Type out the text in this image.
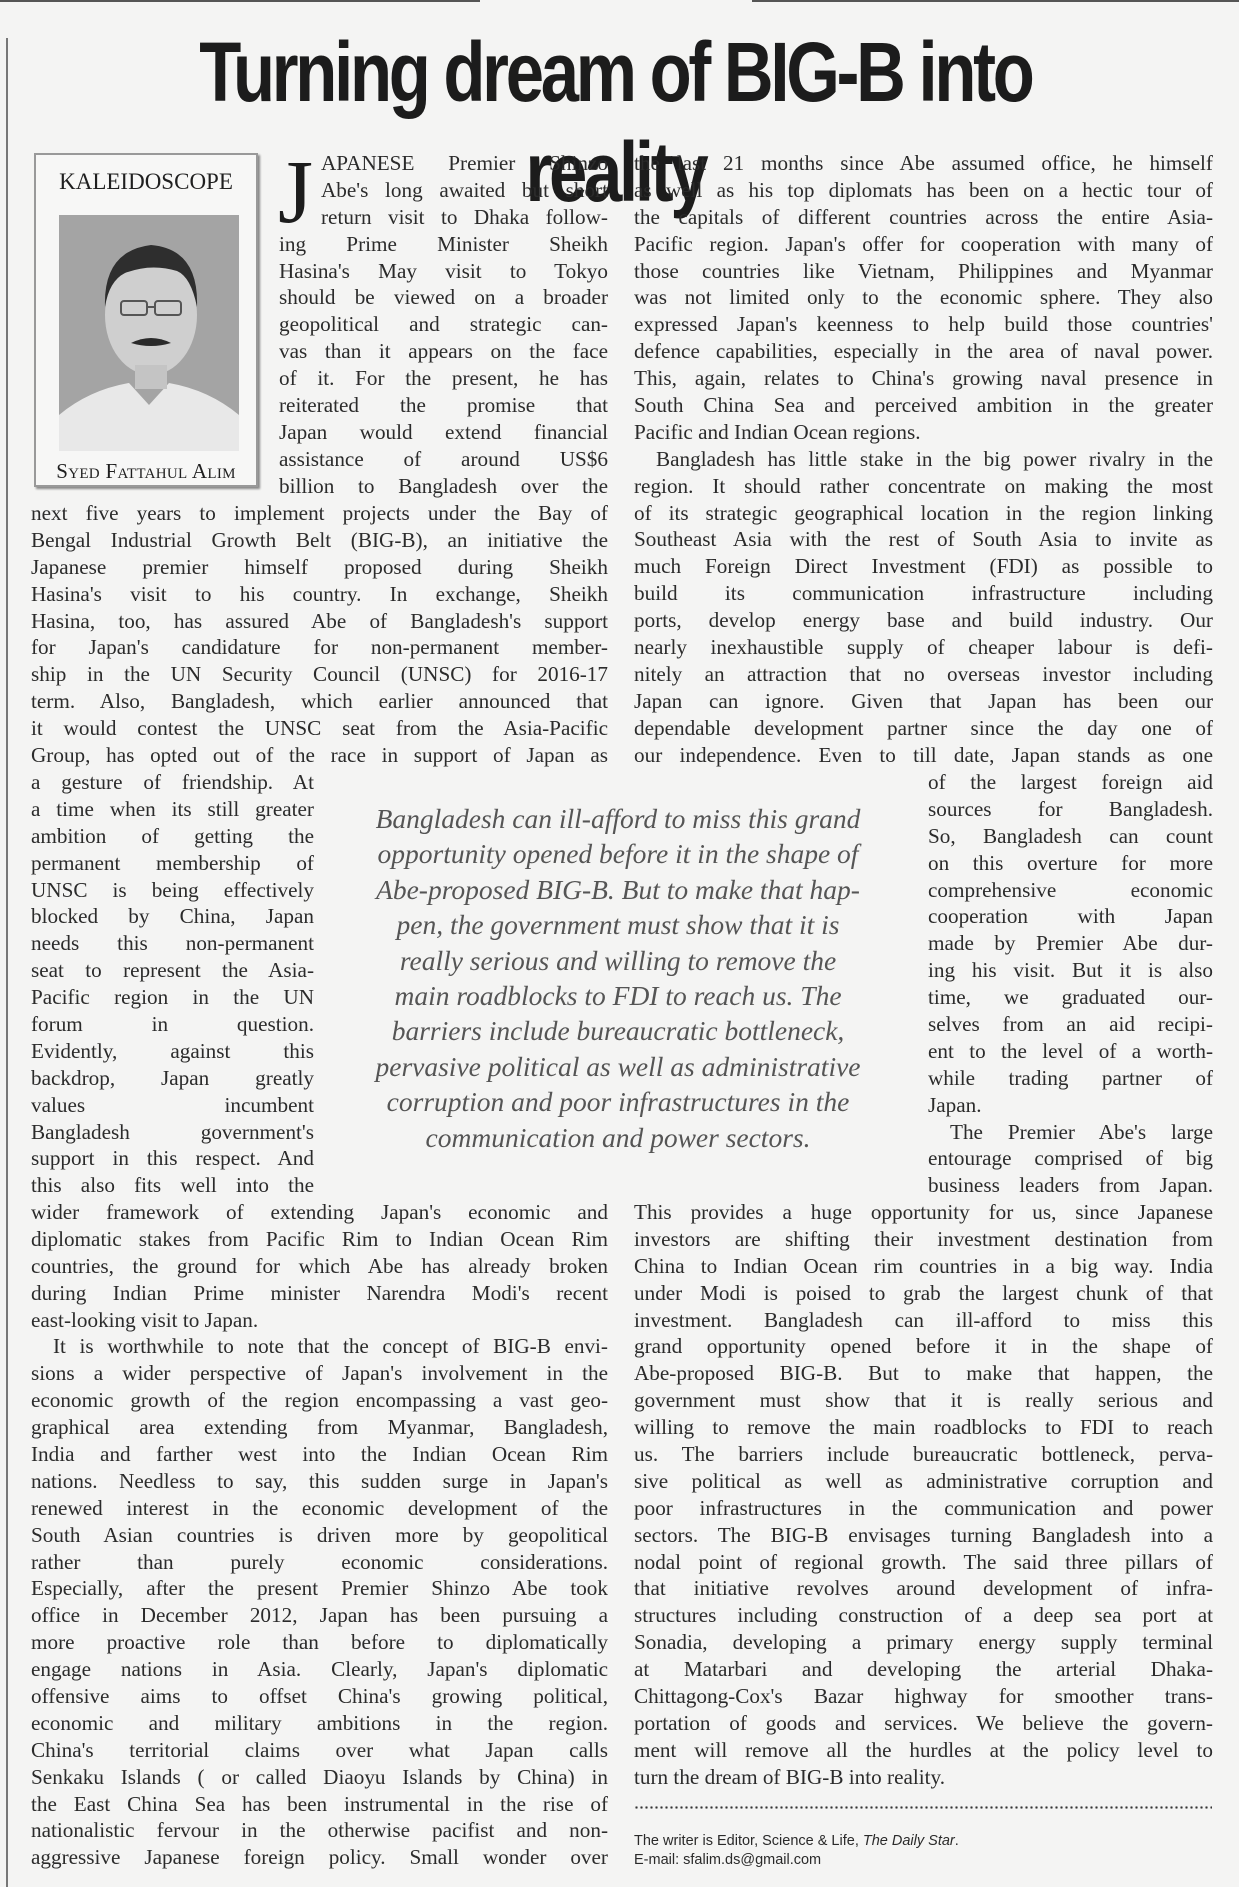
Turning dream of BIG-B into reality
KALEIDOSCOPE
Syed Fattahul Alim
J APANESE Premier Shinzo
Abe's long awaited but short
return visit to Dhaka follow-
ing Prime Minister Sheikh
Hasina's May visit to Tokyo
should be viewed on a broader
geopolitical and strategic can-
vas than it appears on the face
of it. For the present, he has
reiterated the promise that
Japan would extend financial
assistance of around US$6
billion to Bangladesh over the
next five years to implement projects under the Bay of
Bengal Industrial Growth Belt (BIG-B), an initiative the
Japanese premier himself proposed during Sheikh
Hasina's visit to his country. In exchange, Sheikh
Hasina, too, has assured Abe of Bangladesh's support
for Japan's candidature for non-permanent member-
ship in the UN Security Council (UNSC) for 2016-17
term. Also, Bangladesh, which earlier announced that
it would contest the UNSC seat from the Asia-Pacific
Group, has opted out of the race in support of Japan as
a gesture of friendship. At
a time when its still greater
ambition of getting the
permanent membership of
UNSC is being effectively
blocked by China, Japan
needs this non-permanent
seat to represent the Asia-
Pacific region in the UN
forum in question.
Evidently, against this
backdrop, Japan greatly
values incumbent
Bangladesh government's
support in this respect. And
this also fits well into the
wider framework of extending Japan's economic and
diplomatic stakes from Pacific Rim to Indian Ocean Rim
countries, the ground for which Abe has already broken
during Indian Prime minister Narendra Modi's recent
east-looking visit to Japan.
It is worthwhile to note that the concept of BIG-B envi-
sions a wider perspective of Japan's involvement in the
economic growth of the region encompassing a vast geo-
graphical area extending from Myanmar, Bangladesh,
India and farther west into the Indian Ocean Rim
nations. Needless to say, this sudden surge in Japan's
renewed interest in the economic development of the
South Asian countries is driven more by geopolitical
rather than purely economic considerations.
Especially, after the present Premier Shinzo Abe took
office in December 2012, Japan has been pursuing a
more proactive role than before to diplomatically
engage nations in Asia. Clearly, Japan's diplomatic
offensive aims to offset China's growing political,
economic and military ambitions in the region.
China's territorial claims over what Japan calls
Senkaku Islands ( or called Diaoyu Islands by China) in
the East China Sea has been instrumental in the rise of
nationalistic fervour in the otherwise pacifist and non-
aggressive Japanese foreign policy. Small wonder over
the last 21 months since Abe assumed office, he himself
as well as his top diplomats has been on a hectic tour of
the capitals of different countries across the entire Asia-
Pacific region. Japan's offer for cooperation with many of
those countries like Vietnam, Philippines and Myanmar
was not limited only to the economic sphere. They also
expressed Japan's keenness to help build those countries'
defence capabilities, especially in the area of naval power.
This, again, relates to China's growing naval presence in
South China Sea and perceived ambition in the greater
Pacific and Indian Ocean regions.
Bangladesh has little stake in the big power rivalry in the
region. It should rather concentrate on making the most
of its strategic geographical location in the region linking
Southeast Asia with the rest of South Asia to invite as
much Foreign Direct Investment (FDI) as possible to
build its communication infrastructure including
ports, develop energy base and build industry. Our
nearly inexhaustible supply of cheaper labour is defi-
nitely an attraction that no overseas investor including
Japan can ignore. Given that Japan has been our
dependable development partner since the day one of
our independence. Even to till date, Japan stands as one
of the largest foreign aid
sources for Bangladesh.
So, Bangladesh can count
on this overture for more
comprehensive economic
cooperation with Japan
made by Premier Abe dur-
ing his visit. But it is also
time, we graduated our-
selves from an aid recipi-
ent to the level of a worth-
while trading partner of
Japan.
The Premier Abe's large
entourage comprised of big
business leaders from Japan.
This provides a huge opportunity for us, since Japanese
investors are shifting their investment destination from
China to Indian Ocean rim countries in a big way. India
under Modi is poised to grab the largest chunk of that
investment. Bangladesh can ill-afford to miss this
grand opportunity opened before it in the shape of
Abe-proposed BIG-B. But to make that happen, the
government must show that it is really serious and
willing to remove the main roadblocks to FDI to reach
us. The barriers include bureaucratic bottleneck, perva-
sive political as well as administrative corruption and
poor infrastructures in the communication and power
sectors. The BIG-B envisages turning Bangladesh into a
nodal point of regional growth. The said three pillars of
that initiative revolves around development of infra-
structures including construction of a deep sea port at
Sonadia, developing a primary energy supply terminal
at Matarbari and developing the arterial Dhaka-
Chittagong-Cox's Bazar highway for smoother trans-
portation of goods and services. We believe the govern-
ment will remove all the hurdles at the policy level to
turn the dream of BIG-B into reality.
Bangladesh can ill-afford to miss this grand
opportunity opened before it in the shape of
Abe-proposed BIG-B. But to make that hap-
pen, the government must show that it is
really serious and willing to remove the
main roadblocks to FDI to reach us. The
barriers include bureaucratic bottleneck,
pervasive political as well as administrative
corruption and poor infrastructures in the
communication and power sectors.
The writer is Editor, Science & Life, The Daily Star.
E-mail: sfalim.ds@gmail.com
